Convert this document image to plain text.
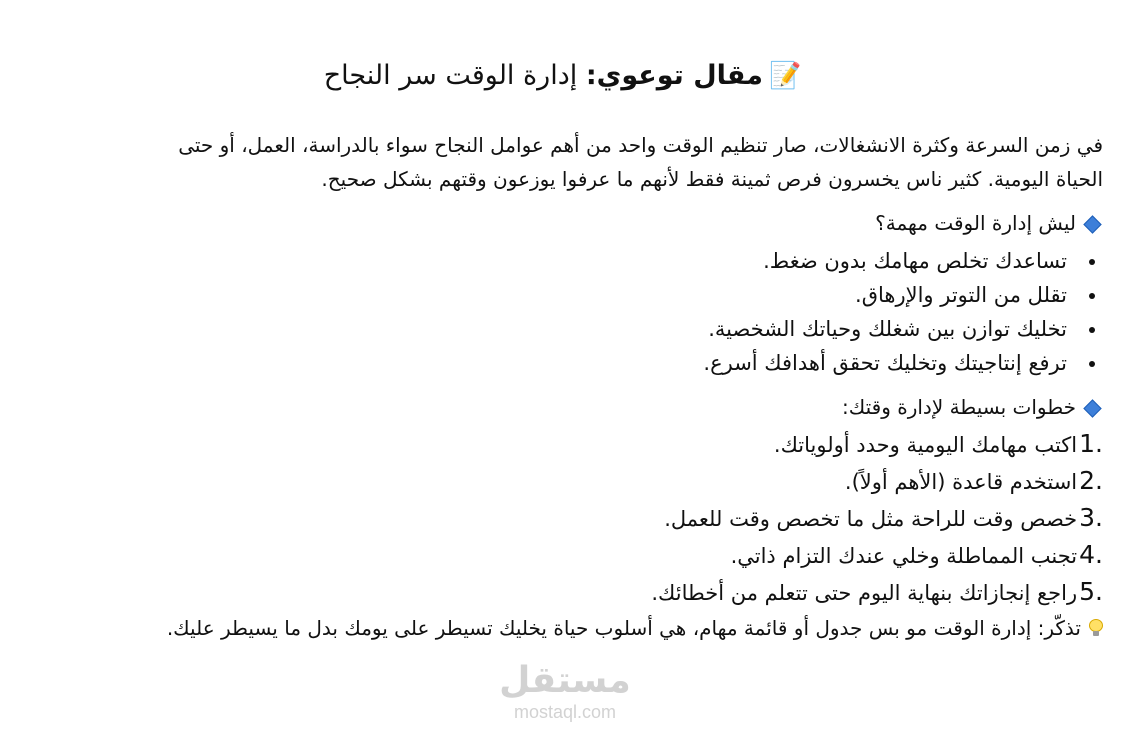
📝مقال توعوي: إدارة الوقت سر النجاح
في زمن السرعة وكثرة الانشغالات، صار تنظيم الوقت واحد من أهم عوامل النجاح سواء بالدراسة، العمل، أو حتى الحياة اليومية. كثير ناس يخسرون فرص ثمينة فقط لأنهم ما عرفوا يوزعون وقتهم بشكل صحيح.
ليش إدارة الوقت مهمة؟
تساعدك تخلص مهامك بدون ضغط.
تقلل من التوتر والإرهاق.
تخليك توازن بين شغلك وحياتك الشخصية.
ترفع إنتاجيتك وتخليك تحقق أهدافك أسرع.
خطوات بسيطة لإدارة وقتك:
1.اكتب مهامك اليومية وحدد أولوياتك.
2.استخدم قاعدة (الأهم أولاً).
3.خصص وقت للراحة مثل ما تخصص وقت للعمل.
4.تجنب المماطلة وخلي عندك التزام ذاتي.
5.راجع إنجازاتك بنهاية اليوم حتى تتعلم من أخطائك.
تذكّر: إدارة الوقت مو بس جدول أو قائمة مهام، هي أسلوب حياة يخليك تسيطر على يومك بدل ما يسيطر عليك.
مستقل
mostaql.com
